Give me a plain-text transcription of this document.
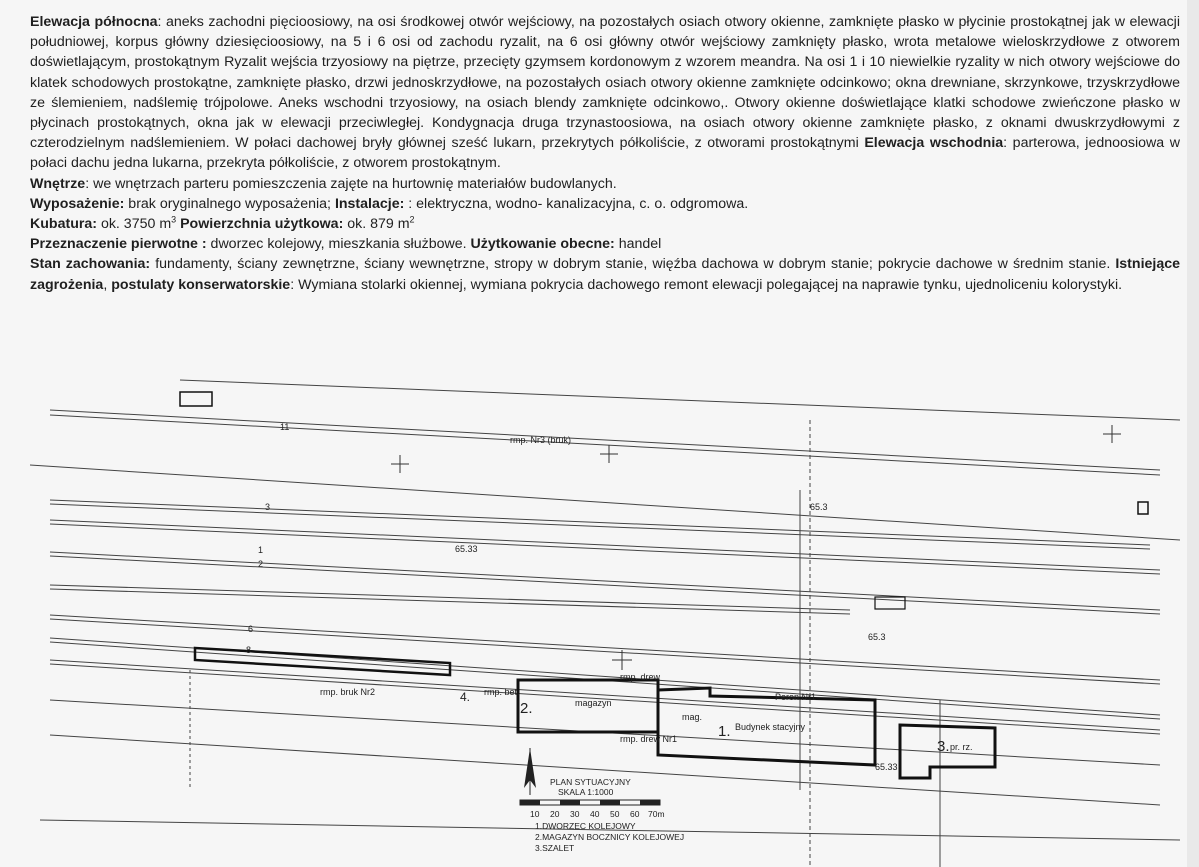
Elewacja północna: aneks zachodni pięcioosiowy, na osi środkowej otwór wejściowy, na pozostałych osiach otwory okienne, zamknięte płasko w płycinie prostokątnej jak w elewacji południowej, korpus główny dziesięcioosiowy, na 5 i 6 osi od zachodu ryzalit, na 6 osi główny otwór wejściowy zamknięty płasko, wrota metalowe wieloskrzydłowe z otworem doświetlającym, prostokątnym Ryzalit wejścia trzyosiowy na piętrze, przecięty gzymsem kordonowym z wzorem meandra. Na osi 1 i 10 niewielkie ryzality w nich otwory wejściowe do klatek schodowych prostokątne, zamknięte płasko, drzwi jednoskrzydłowe, na pozostałych osiach otwory okienne zamknięte odcinkowo; okna drewniane, skrzynkowe, trzyskrzydłowe ze ślemieniem, nadślemię trójpolowe. Aneks wschodni trzyosiowy, na osiach blendy zamknięte odcinkowo,. Otwory okienne doświetlające klatki schodowe zwieńczone płasko w płycinach prostokątnych, okna jak w elewacji przeciwległej. Kondygnacja druga trzynastoosiowa, na osiach otwory okienne zamknięte płasko, z oknami dwuskrzydłowymi z czterodzielnym nadślemieniem. W połaci dachowej bryły głównej sześć lukarn, przekrytych półkoliście, z otworami prostokątnymi Elewacja wschodnia: parterowa, jednoosiowa w połaci dachu jedna lukarna, przekryta półkoliście, z otworem prostokątnym.

Wnętrze: we wnętrzach parteru pomieszczenia zajęte na hurtownię materiałów budowlanych.

Wyposażenie: brak oryginalnego wyposażenia; Instalacje: : elektryczna, wodno- kanalizacyjna, c. o. odgromowa.

Kubatura: ok. 3750 $m^3$ Powierzchnia użytkowa: ok. 879 $m^2$

Przeznaczenie pierwotne : dworzec kolejowy, mieszkania służbowe. Użytkowanie obecne: handel

Stan zachowania: fundamenty, ściany zewnętrzne, ściany wewnętrzne, stropy w dobrym stanie, więźba dachowa w dobrym stanie; pokrycie dachowe w średnim stanie. Istniejące zagrożenia, postulaty konserwatorskie: Wymiana stolarki okiennej, wymiana pokrycia dachowego remont elewacji polegającej na naprawie tynku, ujednoliceniu kolorystyki.

11
3
1
2
6
8
rmp. Nr3 (bruk)
rmp. bruk Nr2	Peron Nr1
Budynek stacyjny
magazyn
mag.
rmp. drew
rmp. bet.
pr. rz.
rmp. drew Nr1
65.33
65.3
65.3
65.33
2.
1.
3.
4.
PLAN SYTUACYJNY
SKALA 1:1000
10 20 30 40 50 60 70m
1.DWORZEC KOLEJOWY
2.MAGAZYN BOCZNICY KOLEJOWEJ
3.SZALET
